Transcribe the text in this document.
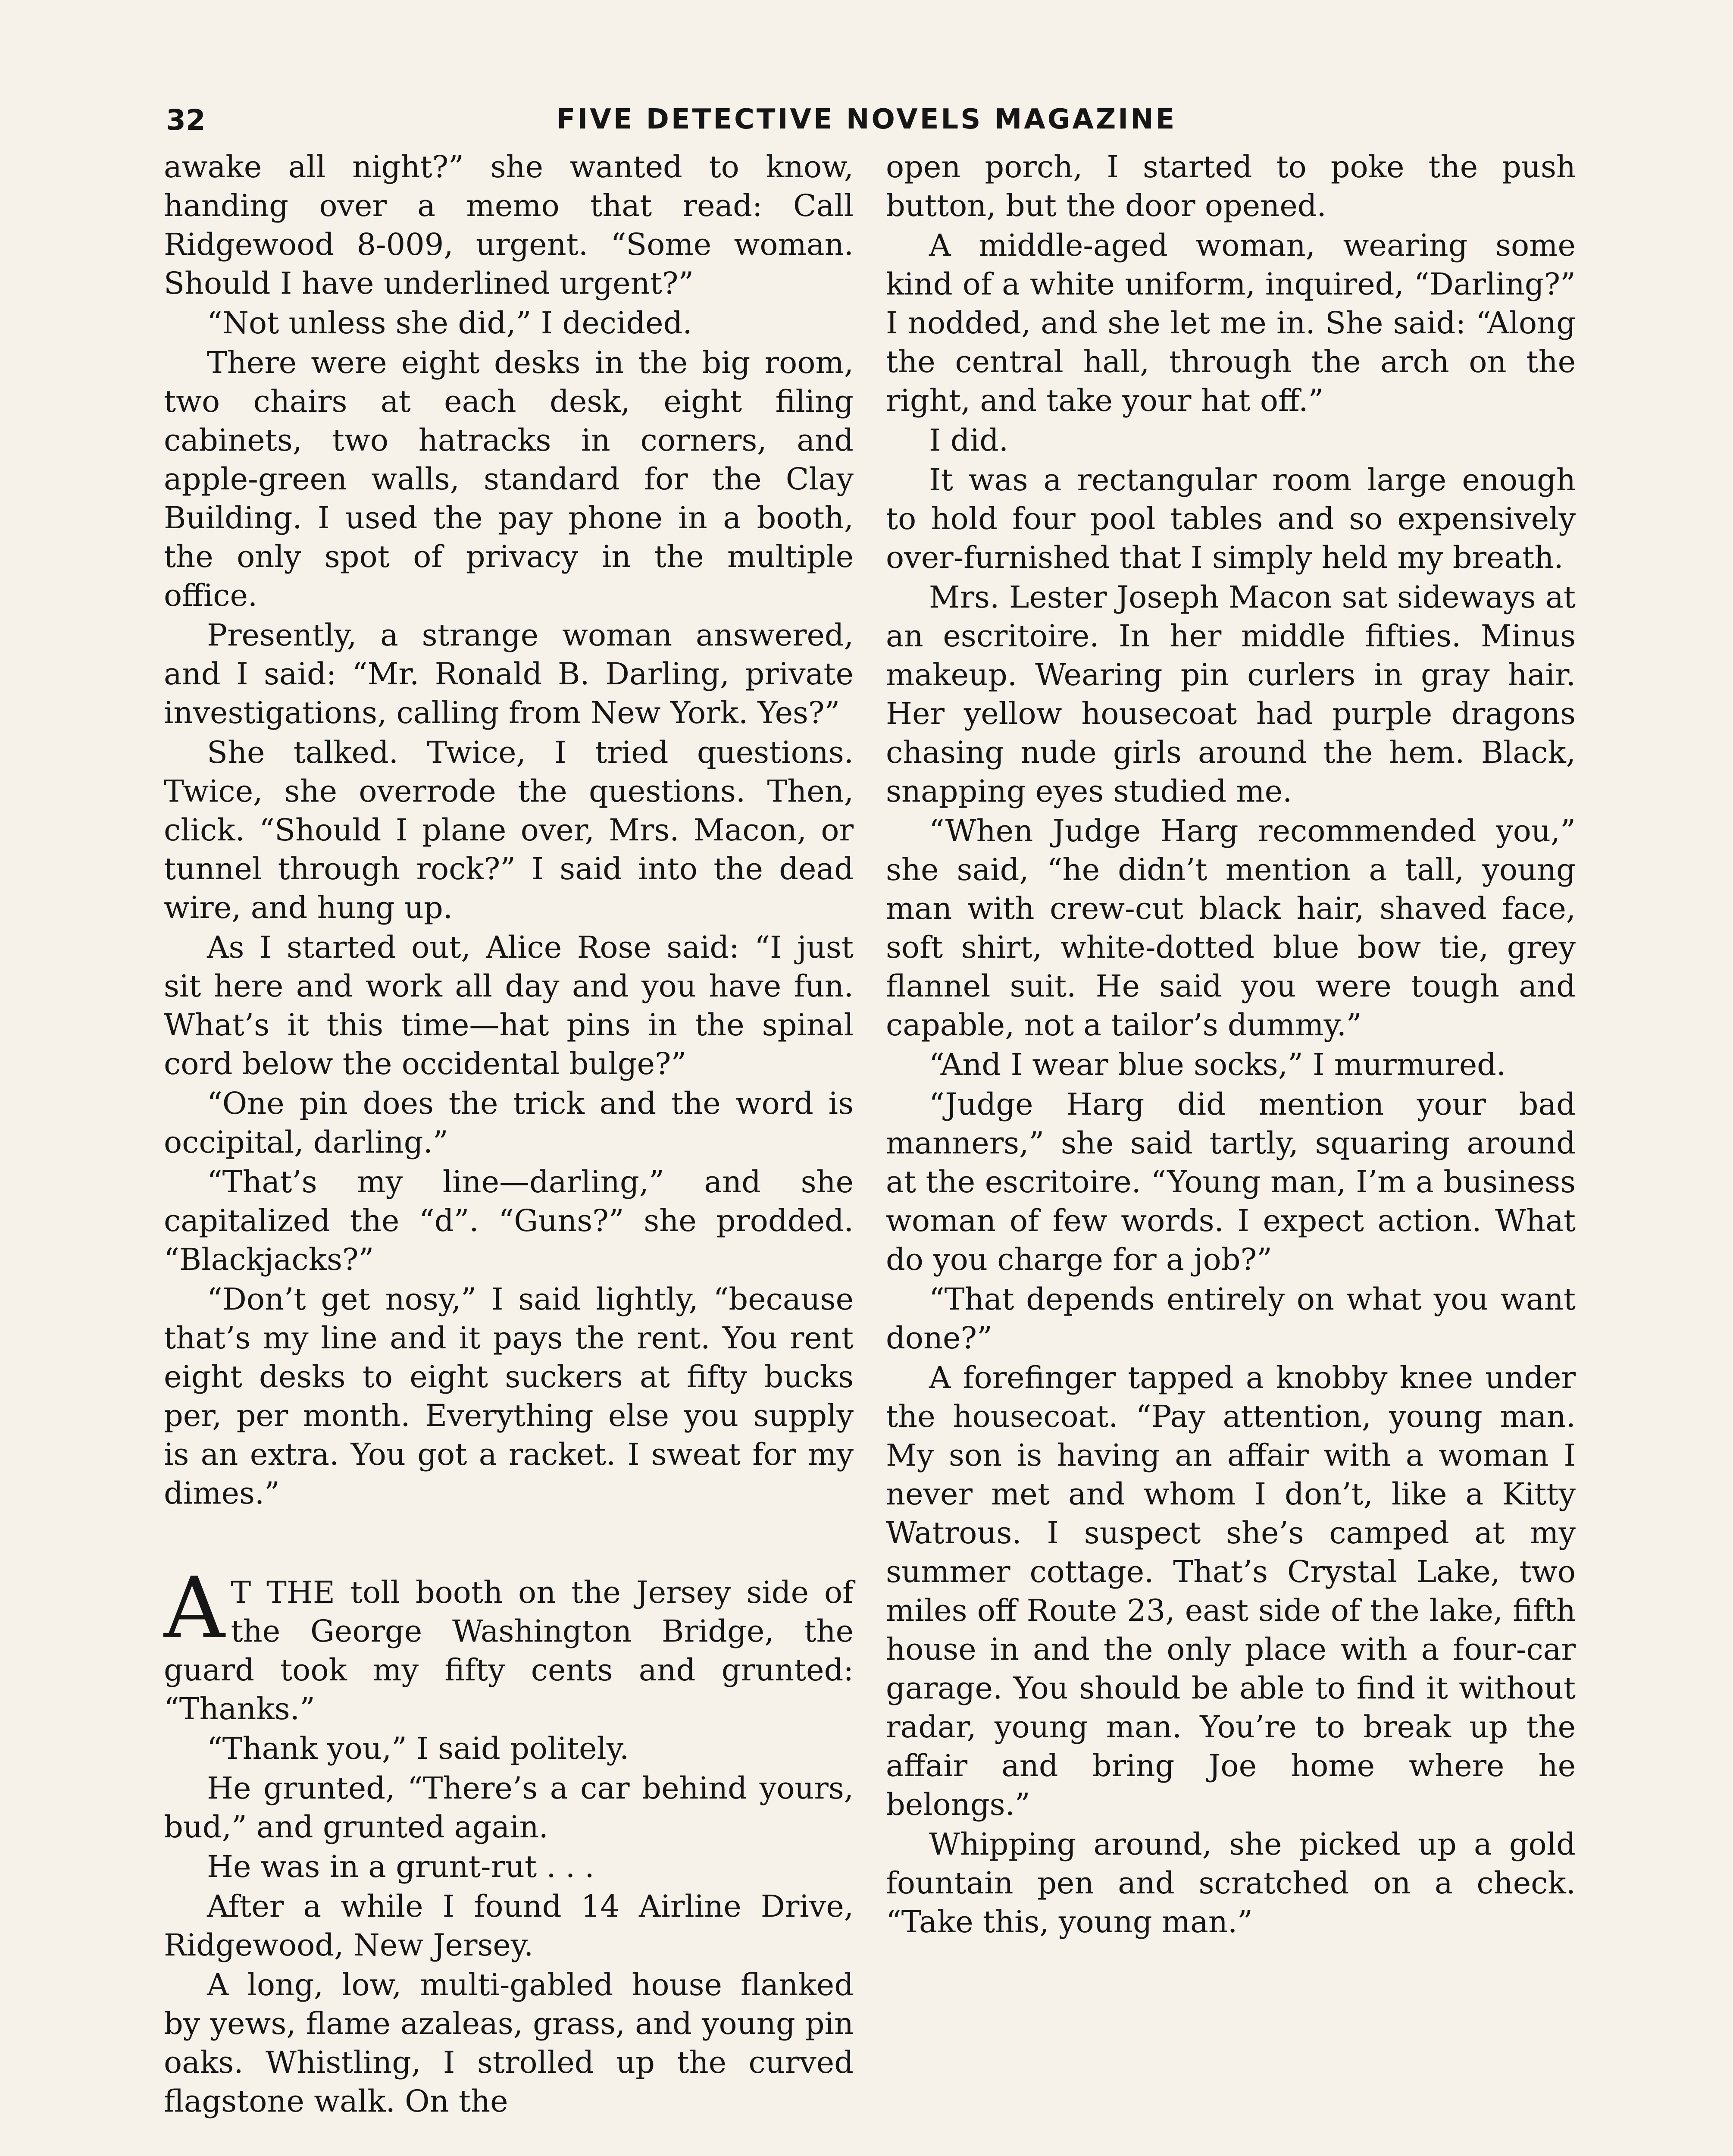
32	FIVE DETECTIVE NOVELS MAGAZINE

awake all night?” she wanted to know, handing over a memo that read: Call Ridgewood 8-009, urgent. “Some woman. Should I have underlined urgent?”

“Not unless she did,” I decided.

There were eight desks in the big room, two chairs at each desk, eight filing cabinets, two hatracks in corners, and apple-green walls, standard for the Clay Building. I used the pay phone in a booth, the only spot of privacy in the multiple office.

Presently, a strange woman answered, and I said: “Mr. Ronald B. Darling, private investigations, calling from New York. Yes?”

She talked. Twice, I tried questions. Twice, she overrode the questions. Then, click. “Should I plane over, Mrs. Macon, or tunnel through rock?” I said into the dead wire, and hung up.

As I started out, Alice Rose said: “I just sit here and work all day and you have fun. What’s it this time—hat pins in the spinal cord below the occidental bulge?”

“One pin does the trick and the word is occipital, darling.”

“That’s my line—darling,” and she capitalized the “d”. “Guns?” she prodded. “Blackjacks?”

“Don’t get nosy,” I said lightly, “because that’s my line and it pays the rent. You rent eight desks to eight suckers at fifty bucks per, per month. Everything else you supply is an extra. You got a racket. I sweat for my dimes.”

A T THE toll booth on the Jersey side of the George Washington Bridge, the guard took my fifty cents and grunted: “Thanks.”

“Thank you,” I said politely.

He grunted, “There’s a car behind yours, bud,” and grunted again.

He was in a grunt-rut . . .

After a while I found 14 Airline Drive, Ridgewood, New Jersey.

A long, low, multi-gabled house flanked by yews, flame azaleas, grass, and young pin oaks. Whistling, I strolled up the curved flagstone walk. On the

open porch, I started to poke the push button, but the door opened.

A middle-aged woman, wearing some kind of a white uniform, inquired, “Darling?” I nodded, and she let me in. She said: “Along the central hall, through the arch on the right, and take your hat off.”

I did.

It was a rectangular room large enough to hold four pool tables and so expensively over-furnished that I simply held my breath.

Mrs. Lester Joseph Macon sat sideways at an escritoire. In her middle fifties. Minus makeup. Wearing pin curlers in gray hair. Her yellow housecoat had purple dragons chasing nude girls around the hem. Black, snapping eyes studied me.

“When Judge Harg recommended you,” she said, “he didn’t mention a tall, young man with crew-cut black hair, shaved face, soft shirt, white-dotted blue bow tie, grey flannel suit. He said you were tough and capable, not a tailor’s dummy.”

“And I wear blue socks,” I murmured.

“Judge Harg did mention your bad manners,” she said tartly, squaring around at the escritoire. “Young man, I’m a business woman of few words. I expect action. What do you charge for a job?”

“That depends entirely on what you want done?”

A forefinger tapped a knobby knee under the housecoat. “Pay attention, young man. My son is having an affair with a woman I never met and whom I don’t, like a Kitty Watrous. I suspect she’s camped at my summer cottage. That’s Crystal Lake, two miles off Route 23, east side of the lake, fifth house in and the only place with a four-car garage. You should be able to find it without radar, young man. You’re to break up the affair and bring Joe home where he belongs.”

Whipping around, she picked up a gold fountain pen and scratched on a check. “Take this, young man.”
